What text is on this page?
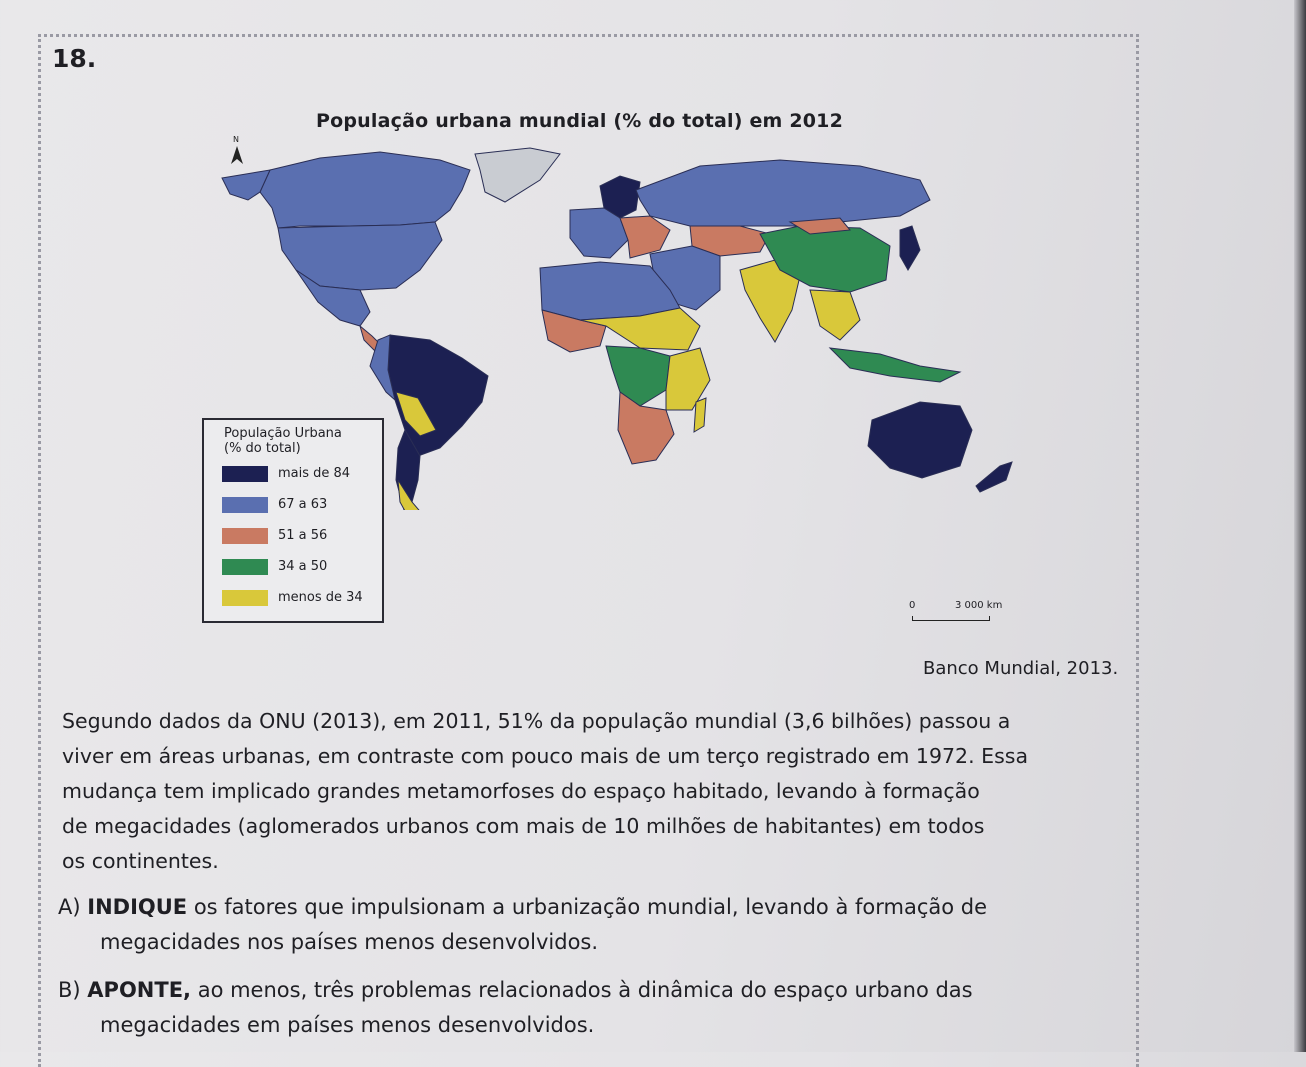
18.
População urbana mundial (% do total) em 2012
N
População Urbana
(% do total)
mais de 84
67 a 63
51 a 56
34 a 50
menos de 34
0	3 000 km
Banco Mundial, 2013.
Segundo dados da ONU (2013), em 2011, 51% da população mundial (3,6 bilhões) passou a
viver em áreas urbanas, em contraste com pouco mais de um terço registrado em 1972. Essa
mudança tem implicado grandes metamorfoses do espaço habitado, levando à formação
de megacidades (aglomerados urbanos com mais de 10 milhões de habitantes) em todos
os continentes.
A) INDIQUE os fatores que impulsionam a urbanização mundial, levando à formação de
megacidades nos países menos desenvolvidos.
B) APONTE, ao menos, três problemas relacionados à dinâmica do espaço urbano das
megacidades em países menos desenvolvidos.
